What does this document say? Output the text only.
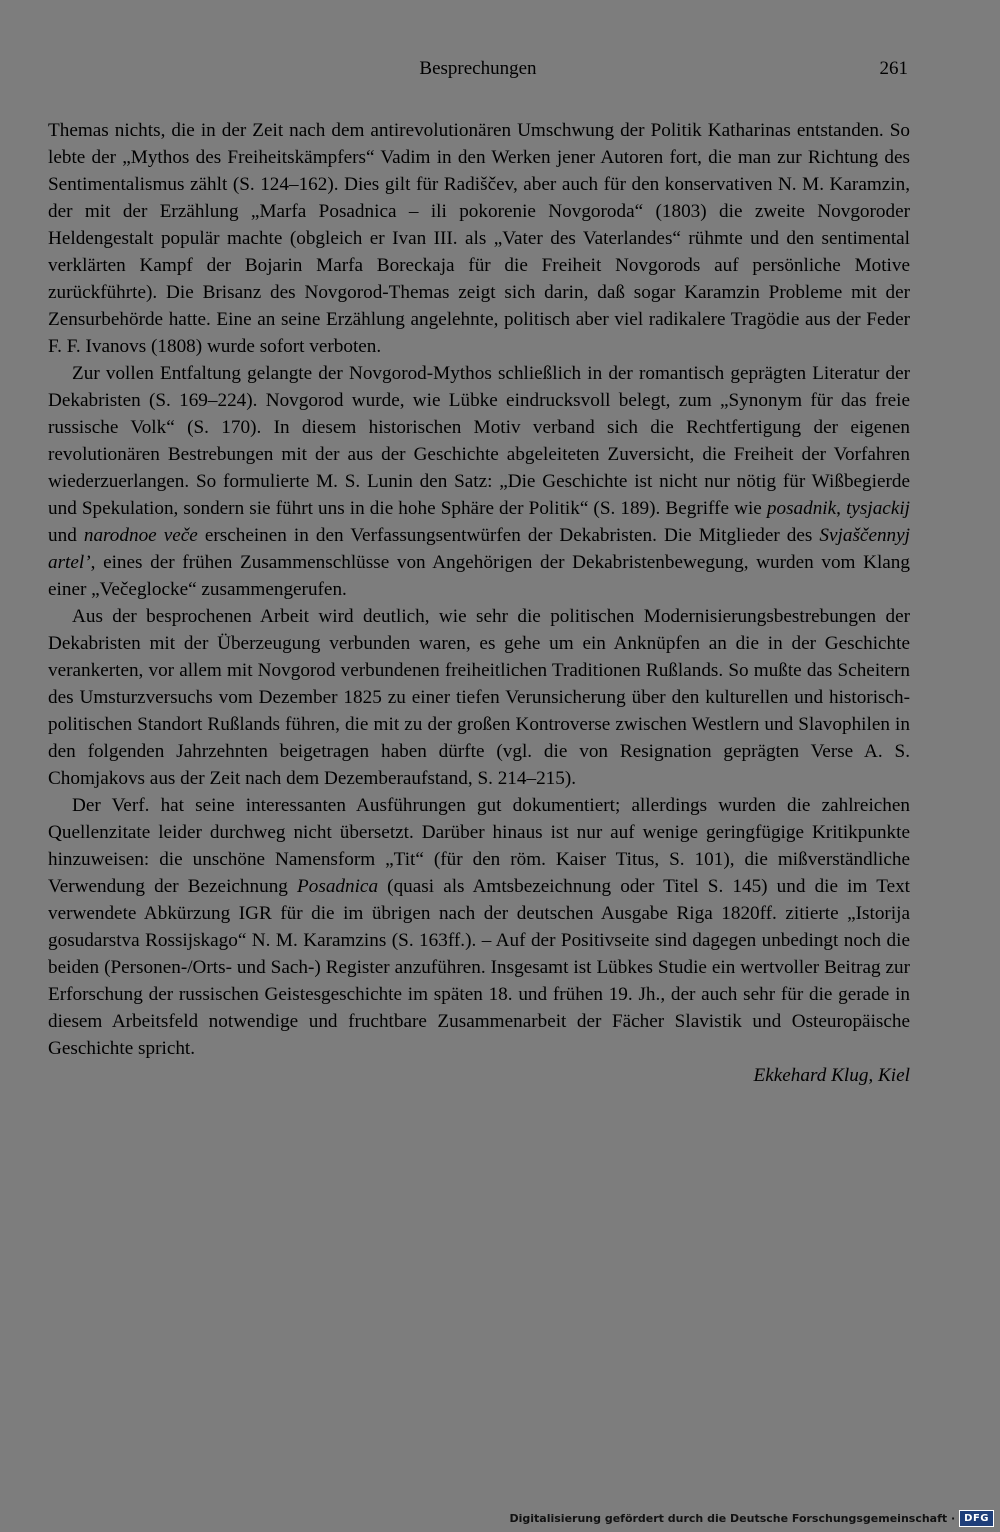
Besprechungen	261

Themas nichts, die in der Zeit nach dem antirevolutionären Umschwung der Politik Katharinas entstanden. So lebte der „Mythos des Freiheitskämpfers“ Vadim in den Werken jener Autoren fort, die man zur Richtung des Sentimentalismus zählt (S. 124–162). Dies gilt für Radiščev, aber auch für den konservativen N. M. Karamzin, der mit der Erzählung „Marfa Posadnica – ili pokorenie Novgoroda“ (1803) die zweite Novgoroder Heldengestalt populär machte (obgleich er Ivan III. als „Vater des Vaterlandes“ rühmte und den sentimental verklärten Kampf der Bojarin Marfa Boreckaja für die Freiheit Novgorods auf persönliche Motive zurückführte). Die Brisanz des Novgorod-Themas zeigt sich darin, daß sogar Karamzin Probleme mit der Zensurbehörde hatte. Eine an seine Erzählung angelehnte, politisch aber viel radikalere Tragödie aus der Feder F. F. Ivanovs (1808) wurde sofort verboten.

Zur vollen Entfaltung gelangte der Novgorod-Mythos schließlich in der romantisch geprägten Literatur der Dekabristen (S. 169–224). Novgorod wurde, wie Lübke eindrucksvoll belegt, zum „Synonym für das freie russische Volk“ (S. 170). In diesem historischen Motiv verband sich die Rechtfertigung der eigenen revolutionären Bestrebungen mit der aus der Geschichte abgeleiteten Zuversicht, die Freiheit der Vorfahren wiederzuerlangen. So formulierte M. S. Lunin den Satz: „Die Geschichte ist nicht nur nötig für Wißbegierde und Spekulation, sondern sie führt uns in die hohe Sphäre der Politik“ (S. 189). Begriffe wie posadnik, tysjackij und narodnoe veče erscheinen in den Verfassungsentwürfen der Dekabristen. Die Mitglieder des Svjaščennyj artel’, eines der frühen Zusammenschlüsse von Angehörigen der Dekabristenbewegung, wurden vom Klang einer „Večeglocke“ zusammengerufen.

Aus der besprochenen Arbeit wird deutlich, wie sehr die politischen Modernisierungsbestrebungen der Dekabristen mit der Überzeugung verbunden waren, es gehe um ein Anknüpfen an die in der Geschichte verankerten, vor allem mit Novgorod verbundenen freiheitlichen Traditionen Rußlands. So mußte das Scheitern des Umsturzversuchs vom Dezember 1825 zu einer tiefen Verunsicherung über den kulturellen und historisch-politischen Standort Rußlands führen, die mit zu der großen Kontroverse zwischen Westlern und Slavophilen in den folgenden Jahrzehnten beigetragen haben dürfte (vgl. die von Resignation geprägten Verse A. S. Chomjakovs aus der Zeit nach dem Dezemberaufstand, S. 214–215).

Der Verf. hat seine interessanten Ausführungen gut dokumentiert; allerdings wurden die zahlreichen Quellenzitate leider durchweg nicht übersetzt. Darüber hinaus ist nur auf wenige geringfügige Kritikpunkte hinzuweisen: die unschöne Namensform „Tit“ (für den röm. Kaiser Titus, S. 101), die mißverständliche Verwendung der Bezeichnung Posadnica (quasi als Amtsbezeichnung oder Titel S. 145) und die im Text verwendete Abkürzung IGR für die im übrigen nach der deutschen Ausgabe Riga 1820ff. zitierte „Istorija gosudarstva Rossijskago“ N. M. Karamzins (S. 163ff.). – Auf der Positivseite sind dagegen unbedingt noch die beiden (Personen-/Orts- und Sach-) Register anzuführen. Insgesamt ist Lübkes Studie ein wertvoller Beitrag zur Erforschung der russischen Geistesgeschichte im späten 18. und frühen 19. Jh., der auch sehr für die gerade in diesem Arbeitsfeld notwendige und fruchtbare Zusammenarbeit der Fächer Slavistik und Osteuropäische Geschichte spricht.

Ekkehard Klug, Kiel

Digitalisierung gefördert durch die Deutsche Forschungsgemeinschaft · DFG
